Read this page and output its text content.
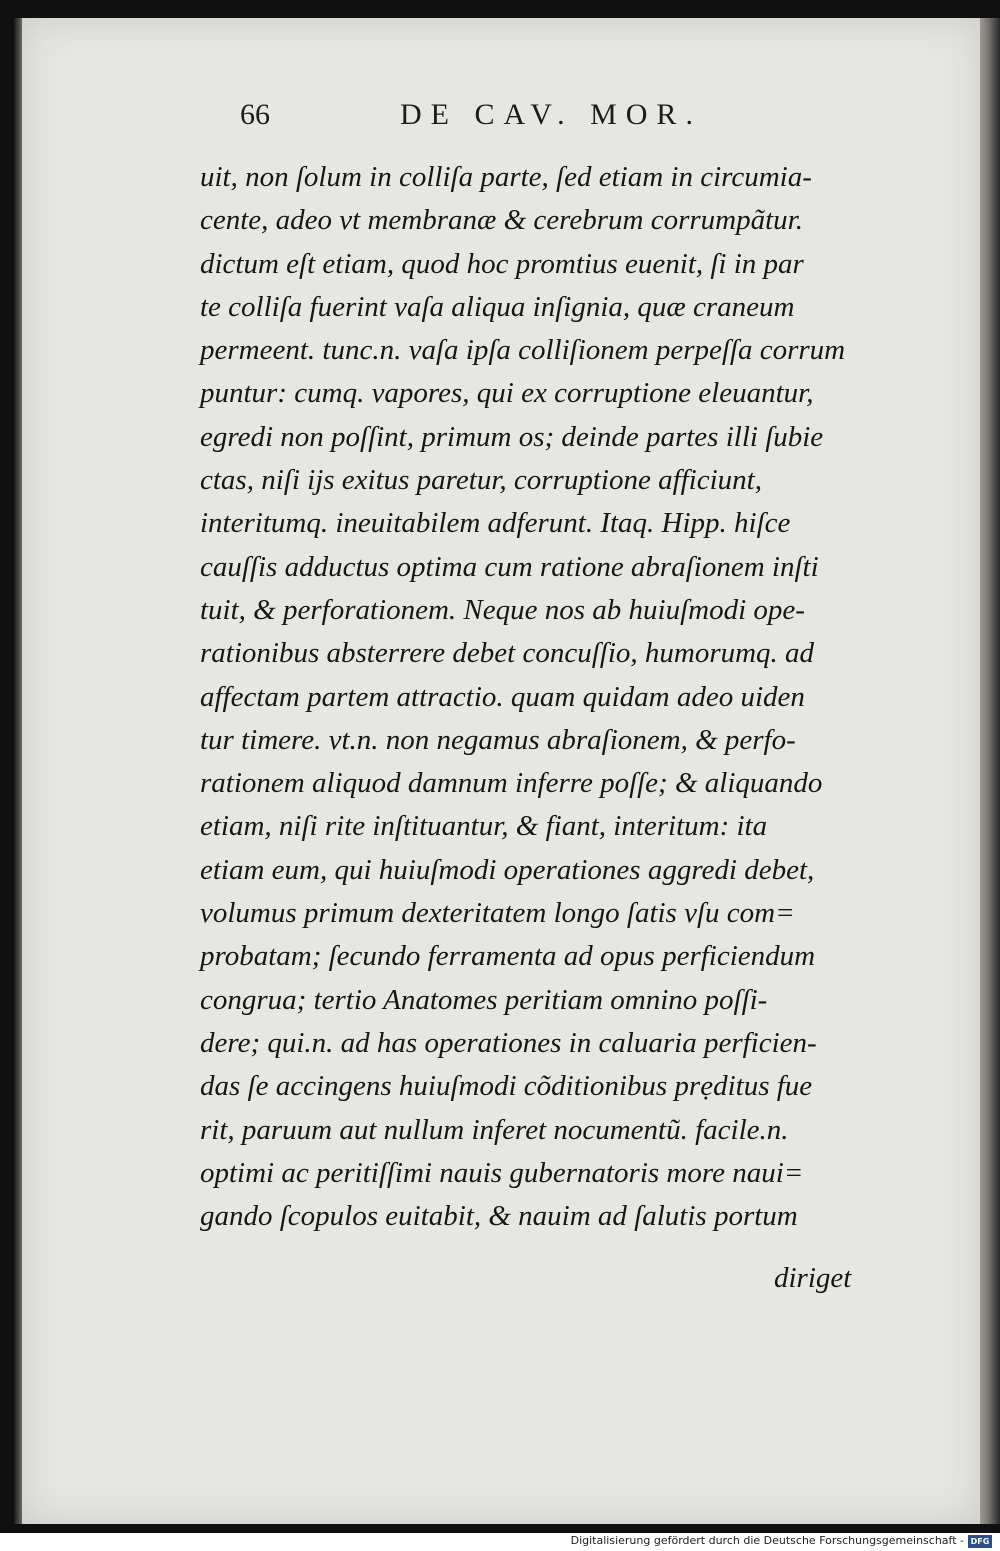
66	DE CAV. MOR.
uit, non ſolum in colliſa parte, ſed etiam in circumia-
cente, adeo vt membranæ & cerebrum corrumpãtur.
dictum eſt etiam, quod hoc promtius euenit, ſi in par
te colliſa fuerint vaſa aliqua inſignia, quæ craneum
permeent. tunc.n. vaſa ipſa colliſionem perpeſſa corrum
puntur: cumq. vapores, qui ex corruptione eleuantur,
egredi non poſſint, primum os; deinde partes illi ſubie
ctas, niſi ijs exitus paretur, corruptione afficiunt,
interitumq. ineuitabilem adferunt. Itaq. Hipp. hiſce
cauſſis adductus optima cum ratione abraſionem inſti
tuit, & perforationem. Neque nos ab huiuſmodi ope-
rationibus absterrere debet concuſſio, humorumq. ad
affectam partem attractio. quam quidam adeo uiden
tur timere. vt.n. non negamus abraſionem, & perfo-
rationem aliquod damnum inferre poſſe; & aliquando
etiam, niſi rite inſtituantur, & fiant, interitum: ita
etiam eum, qui huiuſmodi operationes aggredi debet,
volumus primum dexteritatem longo ſatis vſu com=
probatam; ſecundo ferramenta ad opus perficiendum
congrua; tertio Anatomes peritiam omnino poſſi-
dere; qui.n. ad has operationes in caluaria perficien-
das ſe accingens huiuſmodi cõditionibus prẹditus fue
rit, paruum aut nullum inferet nocumentũ. facile.n.
optimi ac peritiſſimi nauis gubernatoris more naui=
gando ſcopulos euitabit, & nauim ad ſalutis portum
diriget
Digitalisierung gefördert durch die Deutsche Forschungsgemeinschaft - DFG
